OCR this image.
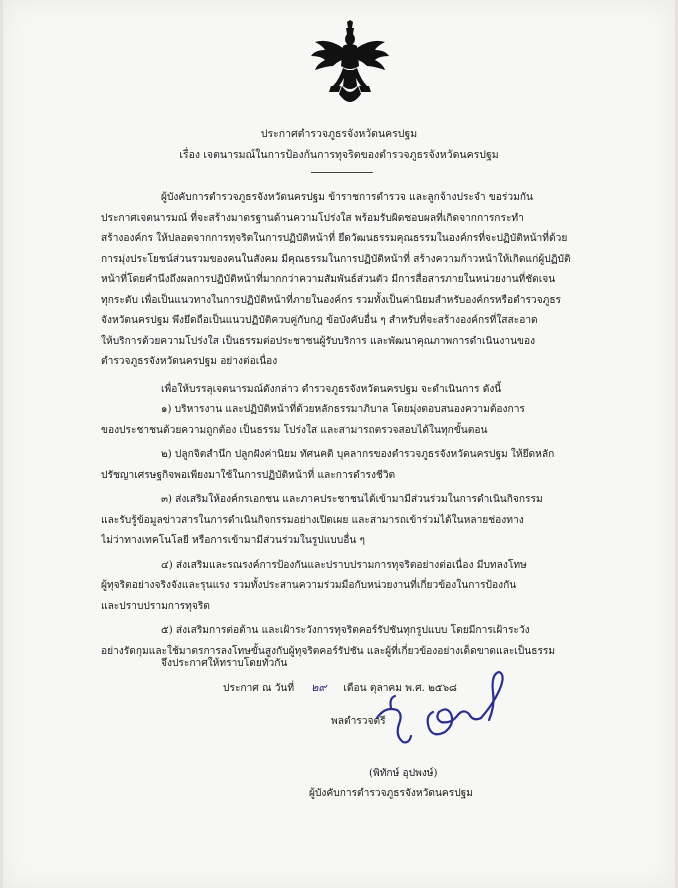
ประกาศตำรวจภูธรจังหวัดนครปฐม
เรื่อง เจตนารมณ์ในการป้องกันการทุจริตของตำรวจภูธรจังหวัดนครปฐม
ผู้บังคับการตำรวจภูธรจังหวัดนครปฐม ข้าราชการตำรวจ และลูกจ้างประจำ ขอร่วมกัน
ประกาศเจตนารมณ์ ที่จะสร้างมาตรฐานด้านความโปร่งใส พร้อมรับผิดชอบผลที่เกิดจากการกระทำ
สร้างองค์กร ให้ปลอดจากการทุจริตในการปฏิบัติหน้าที่ ยึดวัฒนธรรมคุณธรรมในองค์กรที่จะปฏิบัติหน้าที่ด้วย
การมุ่งประโยชน์ส่วนรวมของคนในสังคม มีคุณธรรมในการปฏิบัติหน้าที่ สร้างความก้าวหน้าให้เกิดแก่ผู้ปฏิบัติ
หน้าที่โดยคำนึงถึงผลการปฏิบัติหน้าที่มากกว่าความสัมพันธ์ส่วนตัว มีการสื่อสารภายในหน่วยงานที่ชัดเจน
ทุกระดับ เพื่อเป็นแนวทางในการปฏิบัติหน้าที่ภายในองค์กร รวมทั้งเป็นค่านิยมสำหรับองค์กรหรือตำรวจภูธร
จังหวัดนครปฐม พึงยึดถือเป็นแนวปฏิบัติควบคู่กับกฎ ข้อบังคับอื่น ๆ สำหรับที่จะสร้างองค์กรที่ใสสะอาด
ให้บริการด้วยความโปร่งใส เป็นธรรมต่อประชาชนผู้รับบริการ และพัฒนาคุณภาพการดำเนินงานของ
ตำรวจภูธรจังหวัดนครปฐม อย่างต่อเนื่อง
เพื่อให้บรรลุเจตนารมณ์ดังกล่าว ตำรวจภูธรจังหวัดนครปฐม จะดำเนินการ ดังนี้
๑) บริหารงาน และปฏิบัติหน้าที่ด้วยหลักธรรมาภิบาล โดยมุ่งตอบสนองความต้องการ
ของประชาชนด้วยความถูกต้อง เป็นธรรม โปร่งใส และสามารถตรวจสอบได้ในทุกขั้นตอน
๒) ปลูกจิตสำนึก ปลูกฝังค่านิยม ทัศนคติ บุคลากรของตำรวจภูธรจังหวัดนครปฐม ให้ยึดหลัก
ปรัชญาเศรษฐกิจพอเพียงมาใช้ในการปฏิบัติหน้าที่ และการดำรงชีวิต
๓) ส่งเสริมให้องค์กรเอกชน และภาคประชาชนได้เข้ามามีส่วนร่วมในการดำเนินกิจกรรม
และรับรู้ข้อมูลข่าวสารในการดำเนินกิจกรรมอย่างเปิดเผย และสามารถเข้าร่วมได้ในหลายช่องทาง
ไม่ว่าทางเทคโนโลยี หรือการเข้ามามีส่วนร่วมในรูปแบบอื่น ๆ
๔) ส่งเสริมและรณรงค์การป้องกันและปราบปรามการทุจริตอย่างต่อเนื่อง มีบทลงโทษ
ผู้ทุจริตอย่างจริงจังและรุนแรง รวมทั้งประสานความร่วมมือกับหน่วยงานที่เกี่ยวข้องในการป้องกัน
และปราบปรามการทุจริต
๕) ส่งเสริมการต่อต้าน และเฝ้าระวังการทุจริตคอร์รัปชันทุกรูปแบบ โดยมีการเฝ้าระวัง
อย่างรัดกุมและใช้มาตรการลงโทษขั้นสูงกับผู้ทุจริตคอร์รัปชัน และผู้ที่เกี่ยวข้องอย่างเด็ดขาดและเป็นธรรม
จึงประกาศให้ทราบโดยทั่วกัน
ประกาศ ณ วันที่ ๒๙ เดือน ตุลาคม พ.ศ. ๒๕๖๘
พลตำรวจตรี
(พิทักษ์ อุปพงษ์)
ผู้บังคับการตำรวจภูธรจังหวัดนครปฐม
